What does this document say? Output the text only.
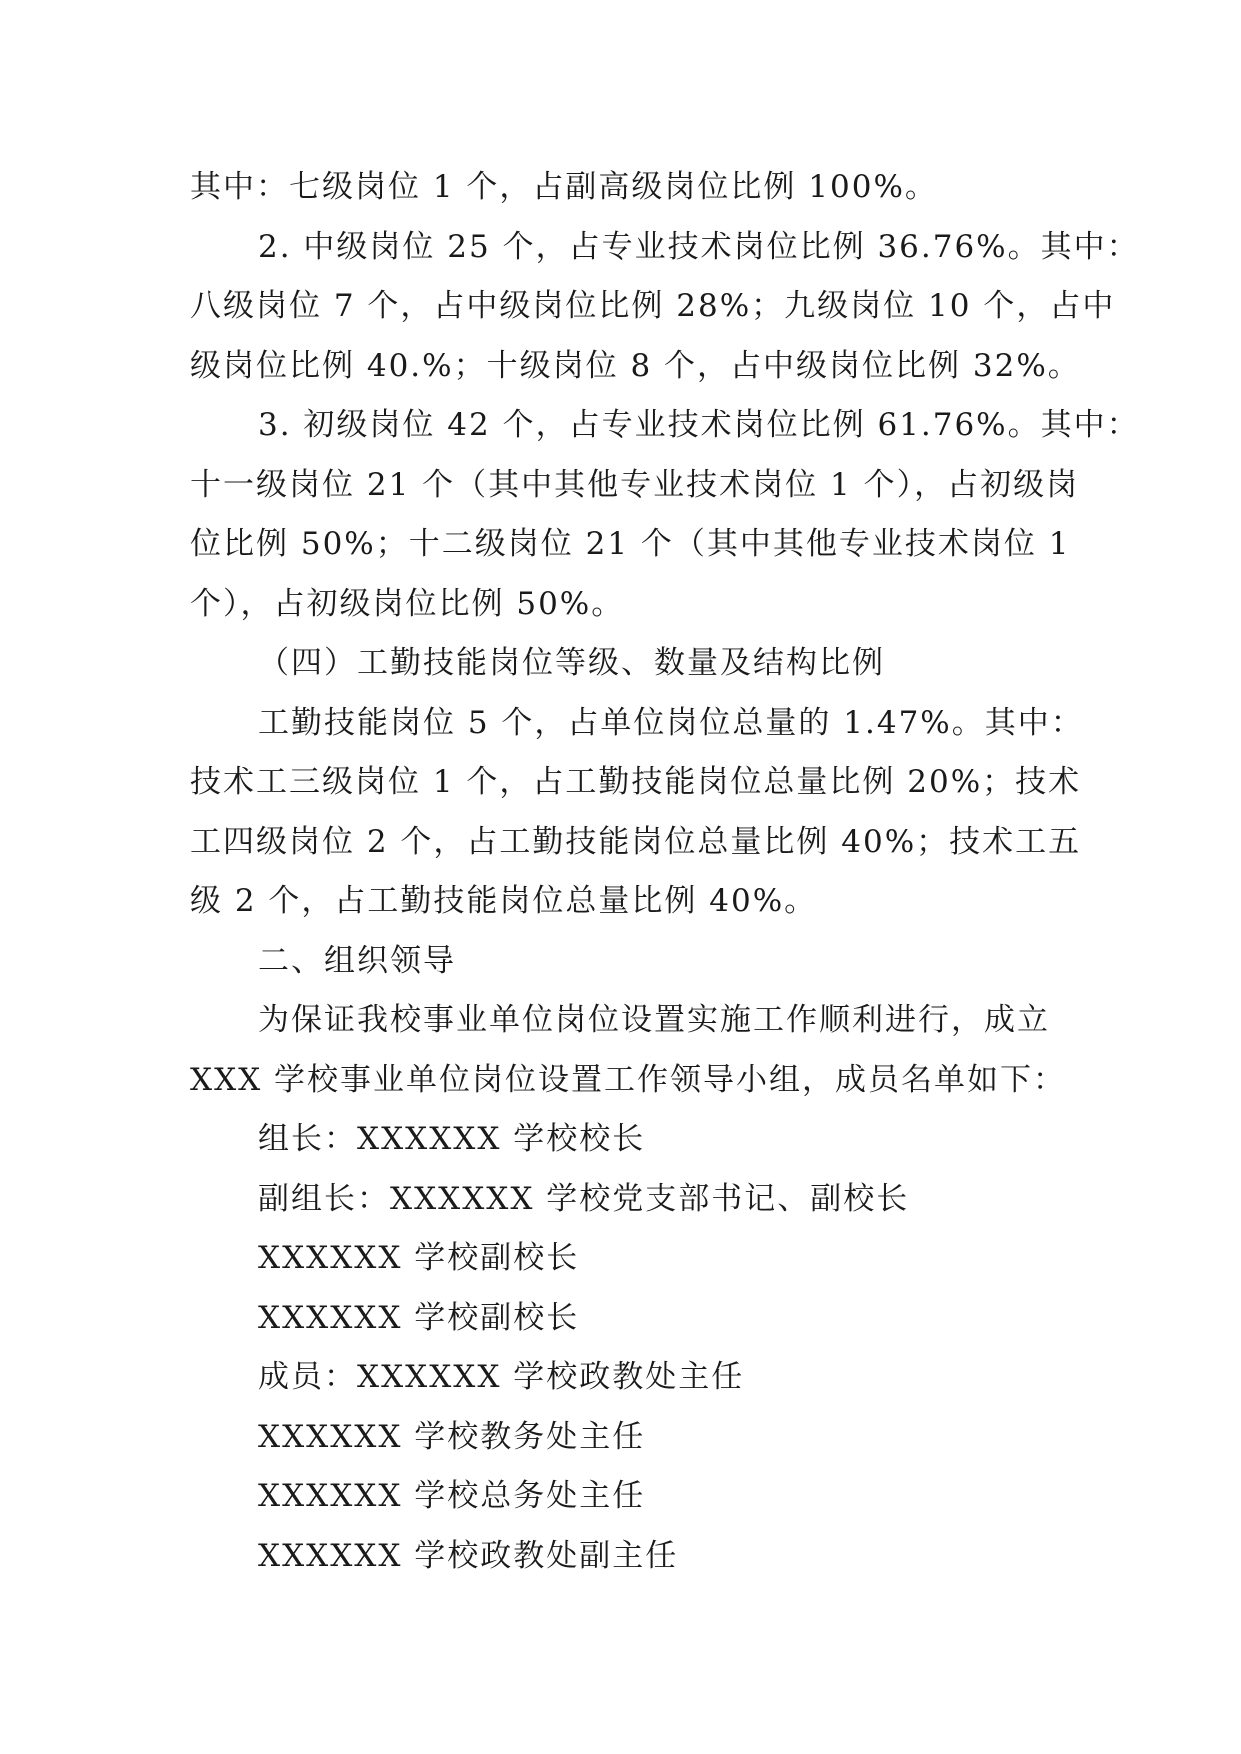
其中：七级岗位 1 个，占副高级岗位比例 100%。
2. 中级岗位 25 个，占专业技术岗位比例 36.76%。其中：
八级岗位 7 个，占中级岗位比例 28%；九级岗位 10 个，占中
级岗位比例 40.%；十级岗位 8 个，占中级岗位比例 32%。
3. 初级岗位 42 个，占专业技术岗位比例 61.76%。其中：
十一级岗位 21 个（其中其他专业技术岗位 1 个），占初级岗
位比例 50%；十二级岗位 21 个（其中其他专业技术岗位 1
个），占初级岗位比例 50%。
（四）工勤技能岗位等级、数量及结构比例
工勤技能岗位 5 个，占单位岗位总量的 1.47%。其中：
技术工三级岗位 1 个，占工勤技能岗位总量比例 20%；技术
工四级岗位 2 个，占工勤技能岗位总量比例 40%；技术工五
级 2 个，占工勤技能岗位总量比例 40%。
二、组织领导
为保证我校事业单位岗位设置实施工作顺利进行，成立
XXX 学校事业单位岗位设置工作领导小组，成员名单如下：
组长：XXXXXX 学校校长
副组长：XXXXXX 学校党支部书记、副校长
XXXXXX 学校副校长
XXXXXX 学校副校长
成员：XXXXXX 学校政教处主任
XXXXXX 学校教务处主任
XXXXXX 学校总务处主任
XXXXXX 学校政教处副主任
